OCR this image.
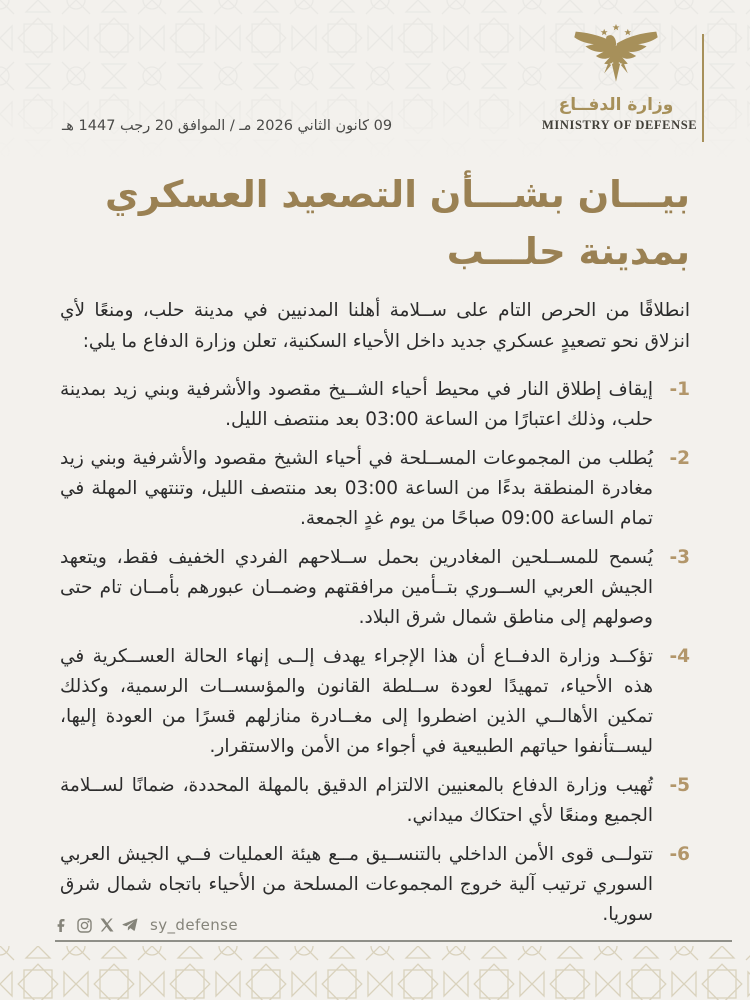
09 كانون الثاني 2026 مـ / الموافق 20 رجب 1447 هـ
وزارة الدفــاع
MINISTRY OF DEFENSE
بيـــان بشـــأن التصعيد العسكري بمدينة حلـــب
انطلاقًا من الحرص التام على ســلامة أهلنا المدنيين في مدينة حلب، ومنعًا لأي انزلاق نحو تصعيدٍ عسكري جديد داخل الأحياء السكنية، تعلن وزارة الدفاع ما يلي:
1-
إيقاف إطلاق النار في محيط أحياء الشــيخ مقصود والأشرفية وبني زيد بمدينة حلب، وذلك اعتبارًا من الساعة 03:00 بعد منتصف الليل.
2-
يُطلب من المجموعات المســلحة في أحياء الشيخ مقصود والأشرفية وبني زيد مغادرة المنطقة بدءًا من الساعة 03:00 بعد منتصف الليل، وتنتهي المهلة في تمام الساعة 09:00 صباحًا من يوم غدٍ الجمعة.
3-
يُسمح للمســلحين المغادرين بحمل ســلاحهم الفردي الخفيف فقط، ويتعهد الجيش العربي الســوري بتــأمين مرافقتهم وضمــان عبورهم بأمــان تام حتى وصولهم إلى مناطق شمال شرق البلاد.
4-
تؤكــد وزارة الدفــاع أن هذا الإجراء يهدف إلــى إنهاء الحالة العســكرية في هذه الأحياء، تمهيدًا لعودة ســلطة القانون والمؤسســات الرسمية، وكذلك تمكين الأهالــي الذين اضطروا إلى مغــادرة منازلهم قسرًا من العودة إليها، ليســتأنفوا حياتهم الطبيعية في أجواء من الأمن والاستقرار.
5-
تُهيب وزارة الدفاع بالمعنيين الالتزام الدقيق بالمهلة المحددة، ضمانًا لســلامة الجميع ومنعًا لأي احتكاك ميداني.
6-
تتولــى قوى الأمن الداخلي بالتنســيق مــع هيئة العمليات فــي الجيش العربي السوري ترتيب آلية خروج المجموعات المسلحة من الأحياء باتجاه شمال شرق سوريا.
sy_defense
